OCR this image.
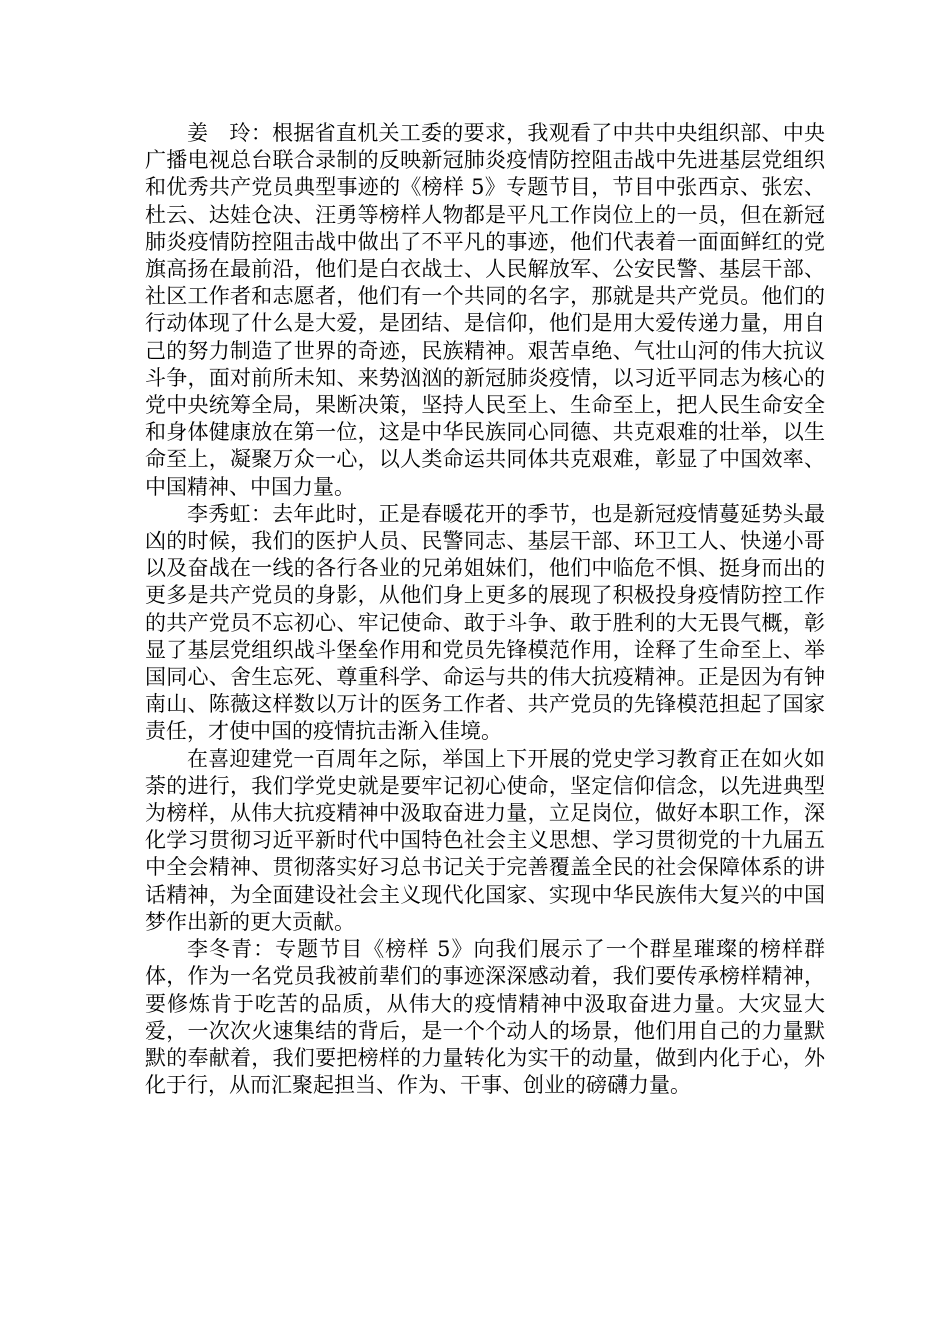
姜　玲：根据省直机关工委的要求，我观看了中共中央组织部、中央广播电视总台联合录制的反映新冠肺炎疫情防控阻击战中先进基层党组织和优秀共产党员典型事迹的《榜样 5》专题节目，节目中张西京、张宏、杜云、达娃仓决、汪勇等榜样人物都是平凡工作岗位上的一员，但在新冠肺炎疫情防控阻击战中做出了不平凡的事迹，他们代表着一面面鲜红的党旗高扬在最前沿，他们是白衣战士、人民解放军、公安民警、基层干部、社区工作者和志愿者，他们有一个共同的名字，那就是共产党员。他们的行动体现了什么是大爱，是团结、是信仰，他们是用大爱传递力量，用自己的努力制造了世界的奇迹，民族精神。艰苦卓绝、气壮山河的伟大抗议斗争，面对前所未知、来势汹汹的新冠肺炎疫情，以习近平同志为核心的党中央统筹全局，果断决策，坚持人民至上、生命至上，把人民生命安全和身体健康放在第一位，这是中华民族同心同德、共克艰难的壮举，以生命至上，凝聚万众一心，以人类命运共同体共克艰难，彰显了中国效率、中国精神、中国力量。

李秀虹：去年此时，正是春暖花开的季节，也是新冠疫情蔓延势头最凶的时候，我们的医护人员、民警同志、基层干部、环卫工人、快递小哥以及奋战在一线的各行各业的兄弟姐妹们，他们中临危不惧、挺身而出的更多是共产党员的身影，从他们身上更多的展现了积极投身疫情防控工作的共产党员不忘初心、牢记使命、敢于斗争、敢于胜利的大无畏气概，彰显了基层党组织战斗堡垒作用和党员先锋模范作用，诠释了生命至上、举国同心、舍生忘死、尊重科学、命运与共的伟大抗疫精神。正是因为有钟南山、陈薇这样数以万计的医务工作者、共产党员的先锋模范担起了国家责任，才使中国的疫情抗击渐入佳境。

在喜迎建党一百周年之际，举国上下开展的党史学习教育正在如火如荼的进行，我们学党史就是要牢记初心使命，坚定信仰信念，以先进典型为榜样，从伟大抗疫精神中汲取奋进力量，立足岗位，做好本职工作，深化学习贯彻习近平新时代中国特色社会主义思想、学习贯彻党的十九届五中全会精神、贯彻落实好习总书记关于完善覆盖全民的社会保障体系的讲话精神，为全面建设社会主义现代化国家、实现中华民族伟大复兴的中国梦作出新的更大贡献。

李冬青：专题节目《榜样 5》向我们展示了一个群星璀璨的榜样群体，作为一名党员我被前辈们的事迹深深感动着，我们要传承榜样精神，要修炼肯于吃苦的品质，从伟大的疫情精神中汲取奋进力量。大灾显大爱，一次次火速集结的背后，是一个个动人的场景，他们用自己的力量默默的奉献着，我们要把榜样的力量转化为实干的动量，做到内化于心，外化于行，从而汇聚起担当、作为、干事、创业的磅礴力量。
